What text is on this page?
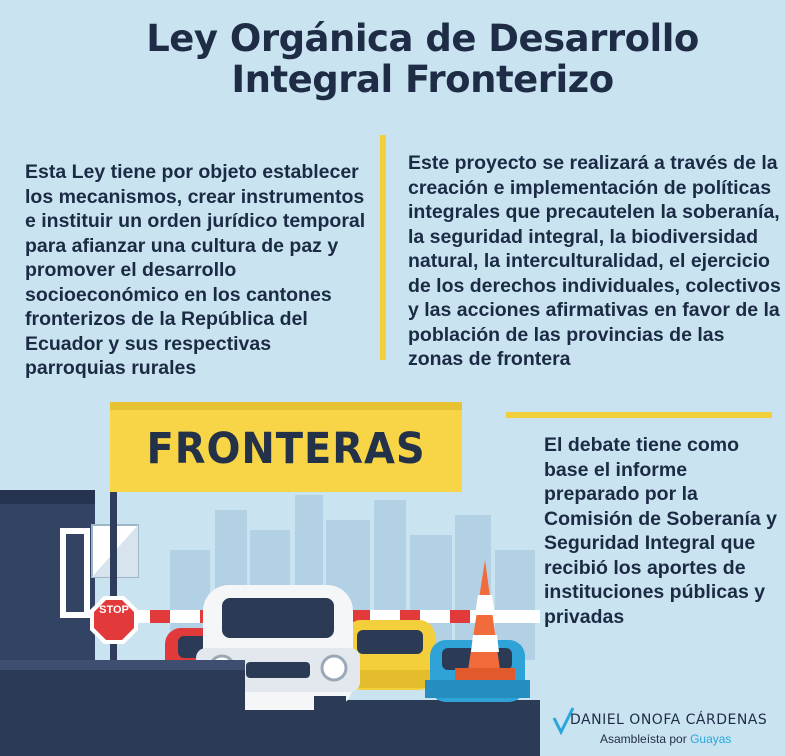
Ley Orgánica de Desarrollo
Integral Fronterizo
Esta Ley tiene por objeto establecer los mecanismos, crear instrumentos e instituir un orden jurídico temporal para afianzar una cultura de paz y promover el desarrollo socioeconómico en los cantones fronterizos de la República del Ecuador y sus respectivas parroquias rurales
Este proyecto se realizará a través de la creación e implementación de políticas integrales que precautelen la soberanía, la seguridad integral, la biodiversidad natural, la interculturalidad, el ejercicio de los derechos individuales, colectivos y las acciones afirmativas en favor de la población de las provincias de las zonas de frontera
El debate tiene como base el informe preparado por la Comisión de Soberanía y Seguridad Integral que recibió los aportes de instituciones públicas y privadas
FRONTERAS
STOP
DANIEL ONOFA CÁRDENAS
Asambleísta por Guayas
